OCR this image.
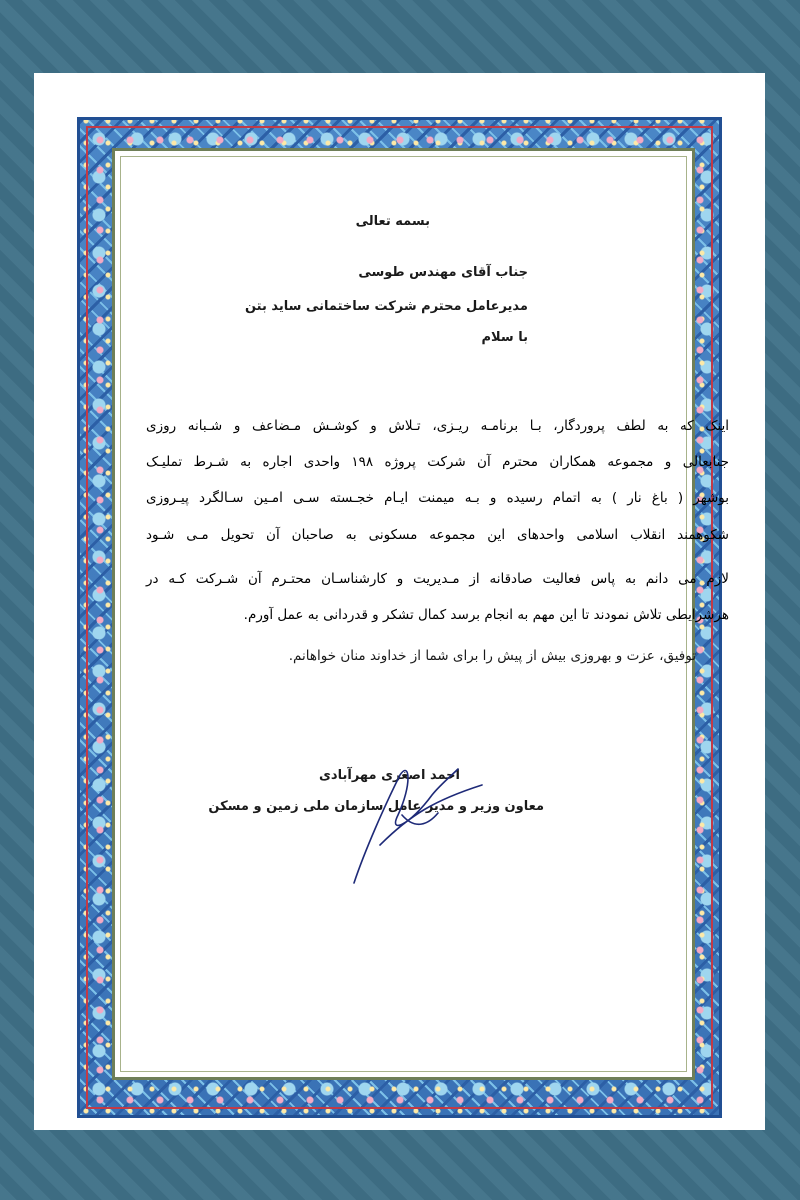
بسمه تعالی
جناب آقای مهندس طوسی
مدیرعامل محترم شرکت ساختمانی ساید بتن
با سلام
اینک که به لطف پروردگار، بـا برنامـه ریـزی، تـلاش و کوشـش مـضاعف و شـبانه روزی
جنابعالی و مجموعه همکاران محترم آن شرکت پروژه ۱۹۸ واحدی اجاره به شـرط تملیـک
بوشهر ( باغ نار ) به اتمام رسیده و بـه میمنت ایـام خجـسته سـی امـین سـالگرد پیـروزی
شکوهمند انقلاب اسلامی واحدهای این مجموعه مسکونی به صاحبان آن تحویل مـی شـود
لازم می دانم به پاس فعالیت صادقانه از مـدیریت و کارشناسـان محتـرم آن شـرکت کـه در
هرشرایطی تلاش نمودند تا این مهم به انجام برسد کمال تشکر و قدردانی به عمل آورم.
توفیق، عزت و بهروزی بیش از پیش را برای شما از خداوند منان خواهانم.
احمد اصغری مهرآبادی
معاون وزیر و مدیر عامل سازمان ملی زمین و مسکن
